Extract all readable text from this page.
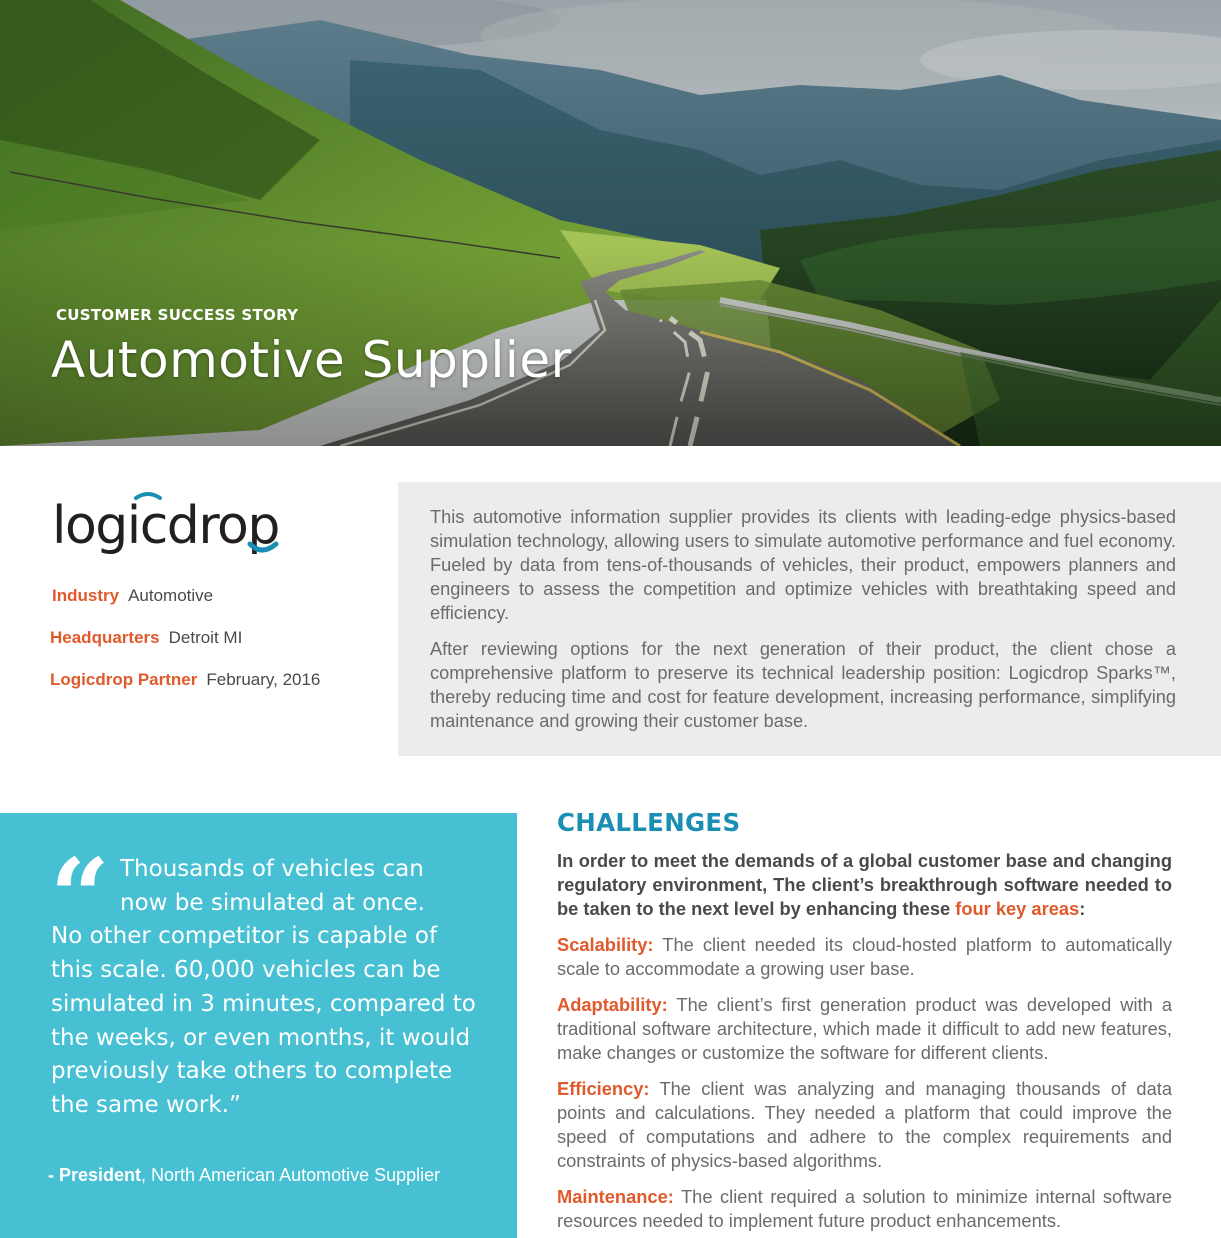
CUSTOMER SUCCESS STORY
Automotive Supplier
logicdrop
Industry Automotive
Headquarters Detroit MI
Logicdrop Partner February, 2016

This automotive information supplier provides its clients with leading-edge physics-based simulation technology, allowing users to simulate automotive performance and fuel economy. Fueled by data from tens-of-thousands of vehicles, their product, empowers planners and engineers to assess the competition and optimize vehicles with breathtaking speed and efficiency.

After reviewing options for the next generation of their product, the client chose a comprehensive platform to preserve its technical leadership position: Logicdrop Sparks™, thereby reducing time and cost for feature development, increasing performance, simplifying maintenance and growing their customer base.

“ Thousands of vehicles can
now be simulated at once.
No other competitor is capable of this scale. 60,000 vehicles can be simulated in 3 minutes, compared to the weeks, or even months, it would previously take others to complete the same work.”

- President, North American Automotive Supplier
CHALLENGES

In order to meet the demands of a global customer base and changing regulatory environment, The client’s breakthrough software needed to be taken to the next level by enhancing these four key areas:

Scalability: The client needed its cloud-hosted platform to automatically scale to accommodate a growing user base.

Adaptability: The client’s first generation product was developed with a traditional software architecture, which made it difficult to add new features, make changes or customize the software for different clients.

Efficiency: The client was analyzing and managing thousands of data points and calculations. They needed a platform that could improve the speed of computations and adhere to the complex requirements and constraints of physics-based algorithms.

Maintenance: The client required a solution to minimize internal software resources needed to implement future product enhancements.
